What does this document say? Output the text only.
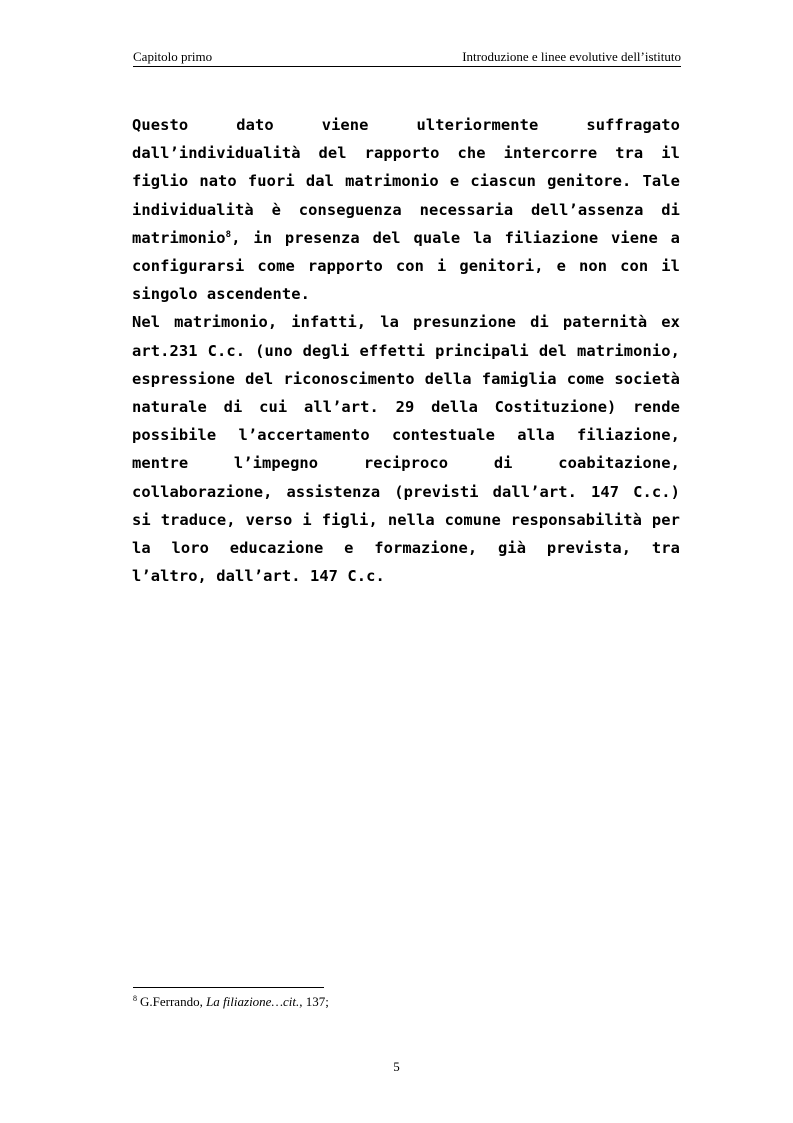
Capitolo primo	Introduzione e linee evolutive dell’istituto

Questo dato viene ulteriormente suffragato dall’individualità del rapporto che intercorre tra il figlio nato fuori dal matrimonio e ciascun genitore. Tale individualità è conseguenza necessaria dell’assenza di matrimonio$^8$, in presenza del quale la filiazione viene a configurarsi come rapporto con i genitori, e non con il singolo ascendente.

Nel matrimonio, infatti, la presunzione di paternità ex art.231 C.c. (uno degli effetti principali del matrimonio, espressione del riconoscimento della famiglia come società naturale di cui all’art. 29 della Costituzione) rende possibile l’accertamento contestuale alla filiazione, mentre l’impegno reciproco di coabitazione, collaborazione, assistenza (previsti dall’art. 147 C.c.) si traduce, verso i figli, nella comune responsabilità per la loro educazione e formazione, già prevista, tra l’altro, dall’art. 147 C.c.

$^8$ G.Ferrando, La filiazione…cit., 137;
5
